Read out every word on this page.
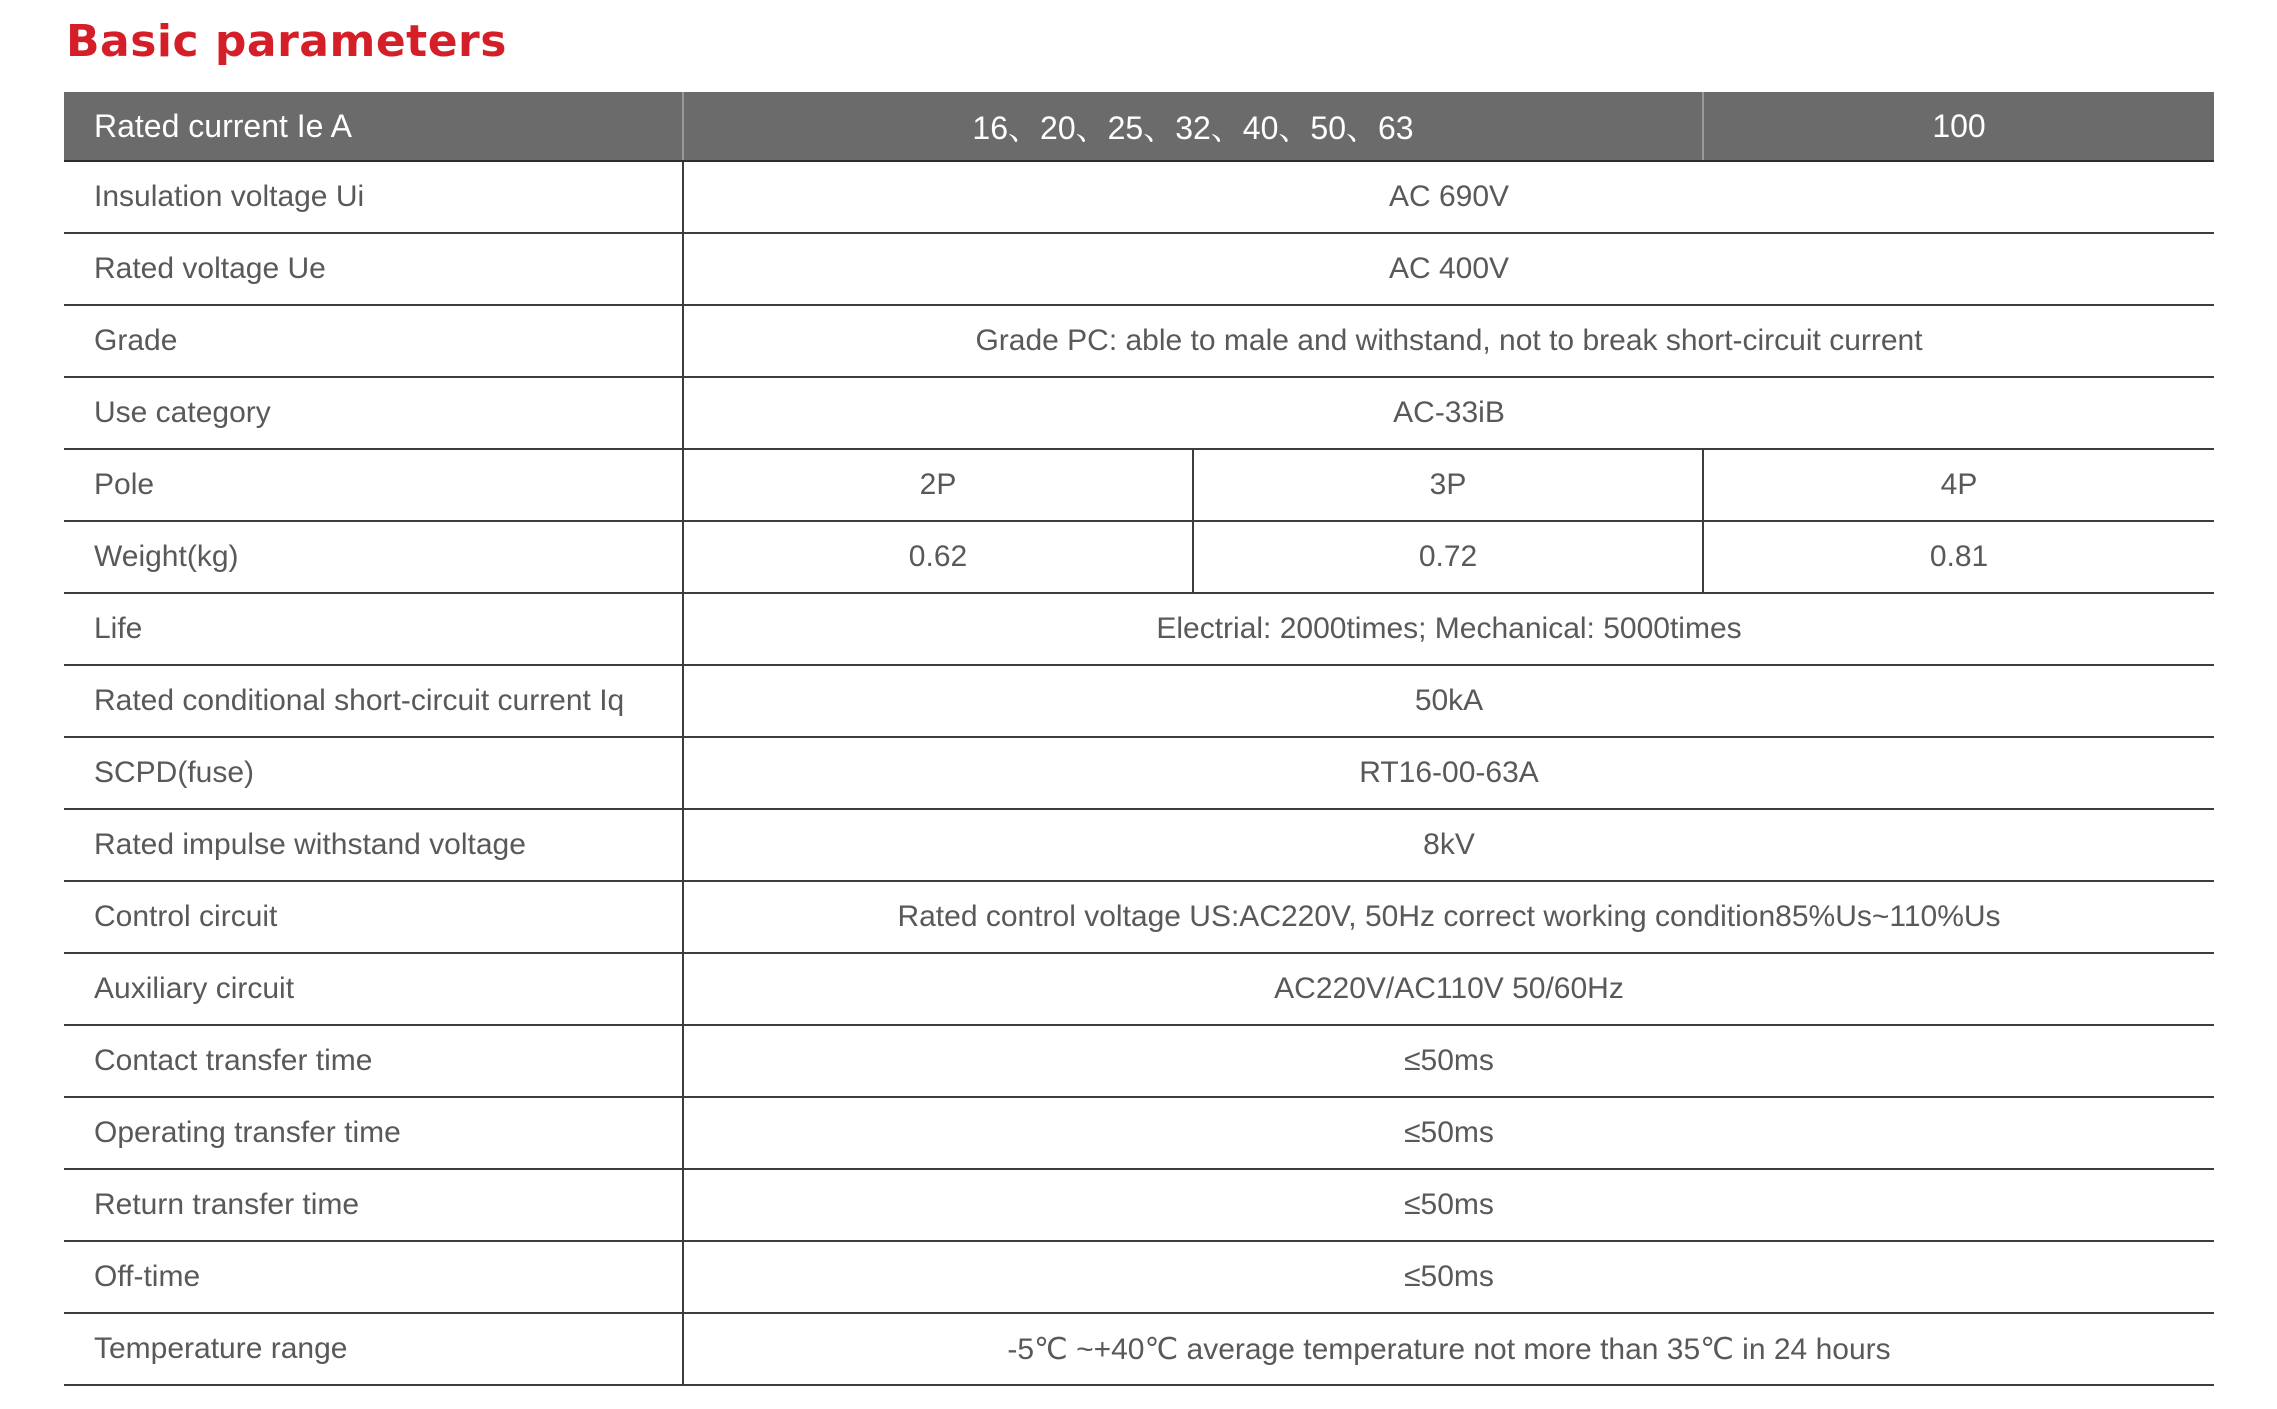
Basic parameters
Rated current Ie A	16、20、25、32、40、50、63		100
Insulation voltage Ui	AC 690V		
Rated voltage Ue	AC 400V		
Grade	Grade PC: able to male and withstand, not to break short-circuit current		
Use category	AC-33iB		
Pole	2P	3P	4P
Weight(kg)	0.62	0.72	0.81
Life	Electrial: 2000times; Mechanical: 5000times		
Rated conditional short-circuit current Iq	50kA		
SCPD(fuse)	RT16-00-63A		
Rated impulse withstand voltage	8kV		
Control circuit	Rated control voltage US:AC220V, 50Hz correct working condition85%Us~110%Us		
Auxiliary circuit	AC220V/AC110V 50/60Hz		
Contact transfer time	≤50ms		
Operating transfer time	≤50ms		
Return transfer time	≤50ms		
Off-time	≤50ms		
Temperature range	-5℃ ~+40℃ average temperature not more than 35℃ in 24 hours		
